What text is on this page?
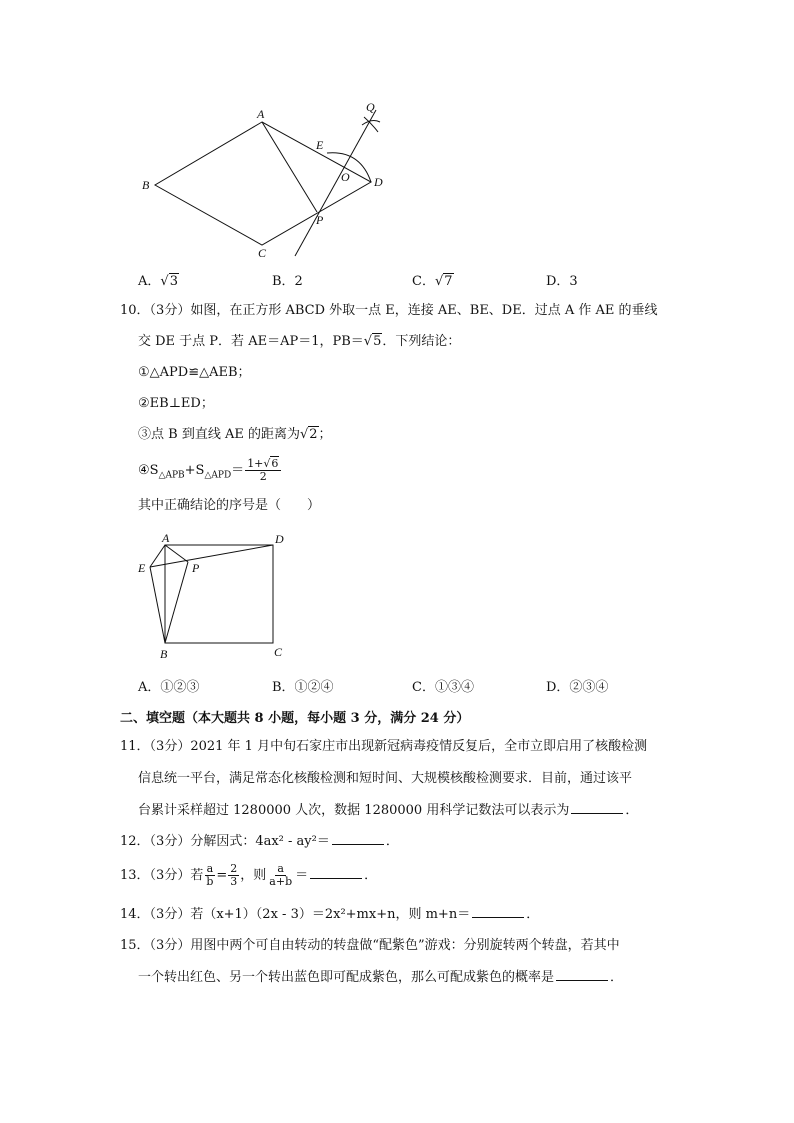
A
B
C
D
E
O
P
Q
A．√3	B．2	C．√7	D．3
10．（3分）如图，在正方形 ABCD 外取一点 E，连接 AE、BE、DE．过点 A 作 AE 的垂线
交 DE 于点 P．若 AE＝AP＝1，PB＝√5．下列结论：
①△APD≌△AEB；
②EB⊥ED；
③点 B 到直线 AE 的距离为√2；
$④S_{\triangle APB}+S_{\triangle APD}= \frac{1+√6}{2}$
其中正确结论的序号是（　　）
A	D
E	P
B	C
A．①②③	B．①②④	C．①③④	D．②③④
二、填空题（本大题共 8 小题，每小题 3 分，满分 24 分）
11．（3分）2021 年 1 月中旬石家庄市出现新冠病毒疫情反复后，全市立即启用了核酸检测
信息统一平台，满足常态化核酸检测和短时间、大规模核酸检测要求．目前，通过该平
台累计采样超过 1280000 人次，数据 1280000 用科学记数法可以表示为	．
12．（3分）分解因式：4ax² - ay²＝	．
13．（3分）若 $\frac{a}{b} = \frac{2}{3}$ ，则 $\frac{a}{a+b}$ ＝	．
14．（3分）若（x+1）（2x - 3）＝2x²+mx+n，则 m+n＝	．
15．（3分）用图中两个可自由转动的转盘做“配紫色”游戏：分别旋转两个转盘，若其中
一个转出红色、另一个转出蓝色即可配成紫色，那么可配成紫色的概率是	．
